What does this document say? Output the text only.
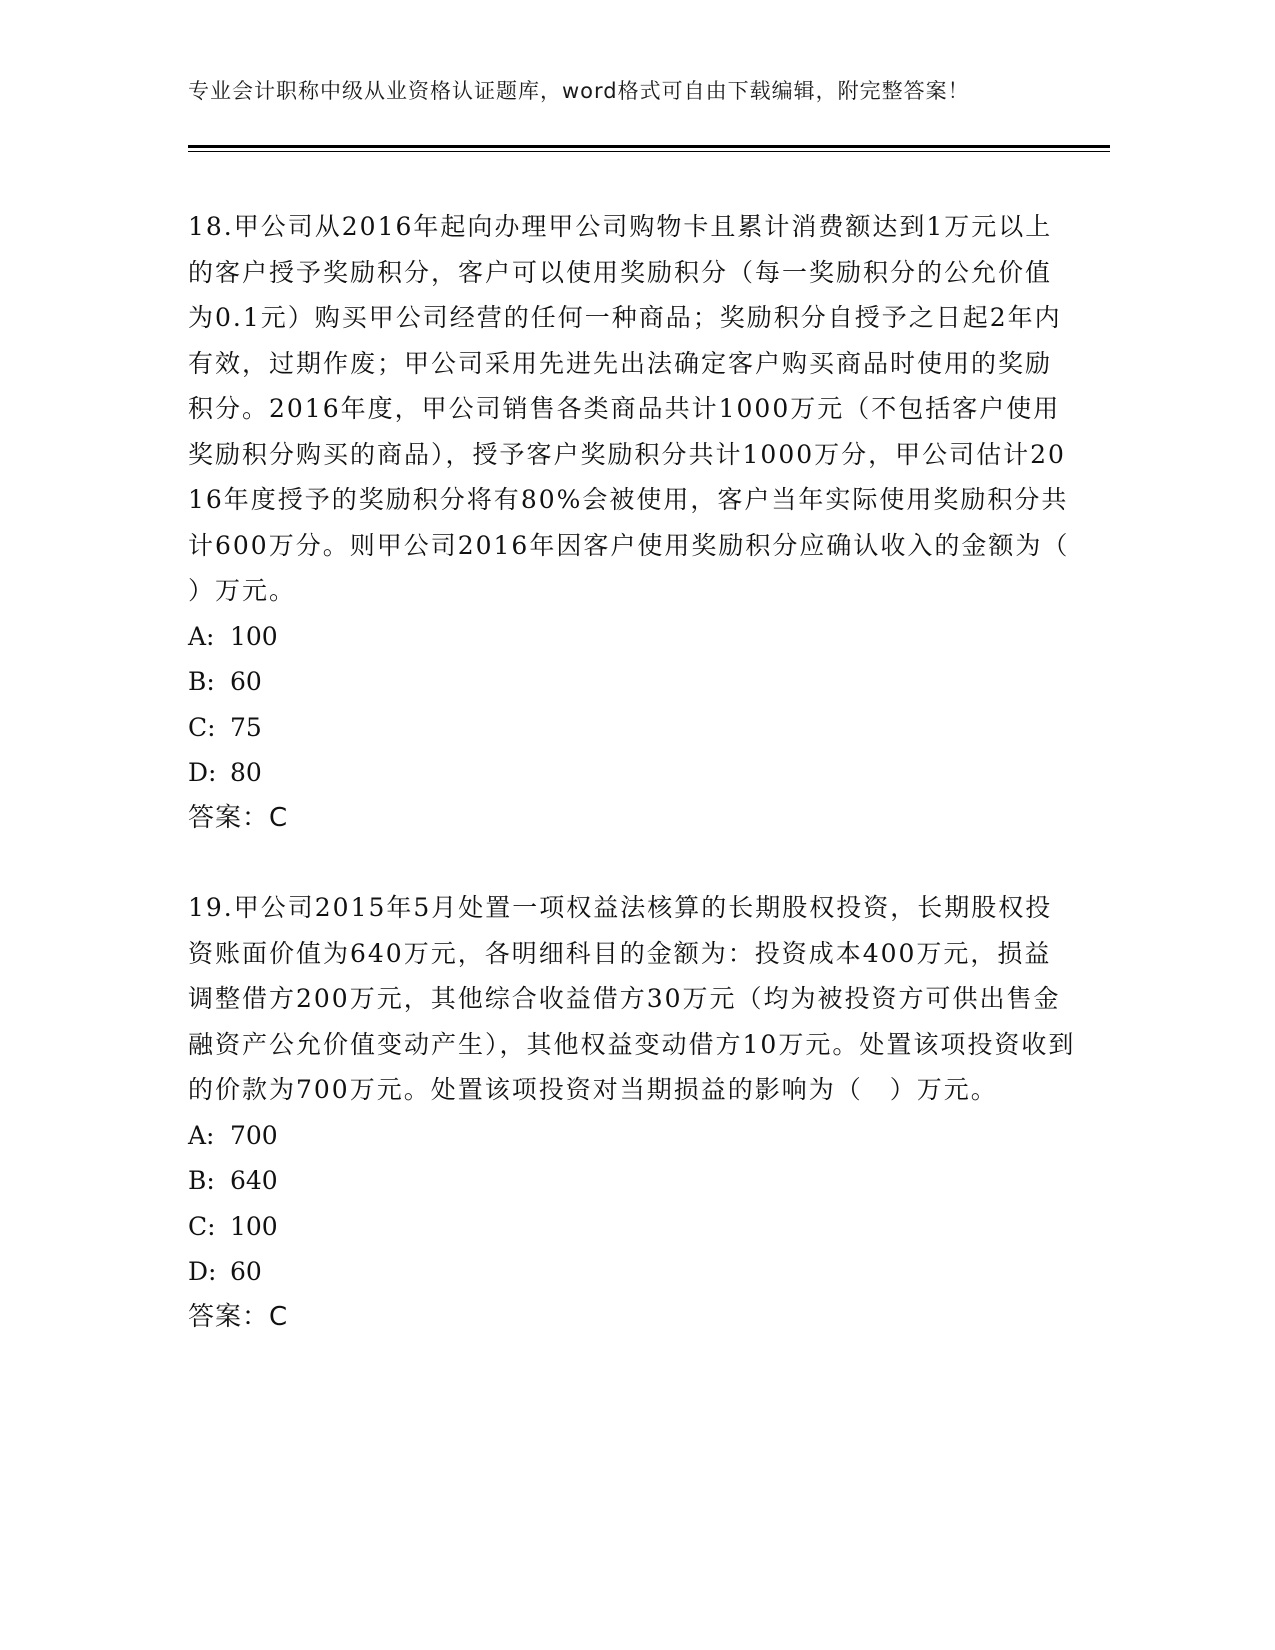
专业会计职称中级从业资格认证题库，word格式可自由下载编辑，附完整答案！

18.甲公司从2016年起向办理甲公司购物卡且累计消费额达到1万元以上的客户授予奖励积分，客户可以使用奖励积分（每一奖励积分的公允价值为0.1元）购买甲公司经营的任何一种商品；奖励积分自授予之日起2年内有效，过期作废；甲公司采用先进先出法确定客户购买商品时使用的奖励积分。2016年度，甲公司销售各类商品共计1000万元（不包括客户使用奖励积分购买的商品），授予客户奖励积分共计1000万分，甲公司估计2016年度授予的奖励积分将有80%会被使用，客户当年实际使用奖励积分共计600万分。则甲公司2016年因客户使用奖励积分应确认收入的金额为（　　）万元。

A: 100

B: 60

C: 75

D: 80

答案：C

19.甲公司2015年5月处置一项权益法核算的长期股权投资，长期股权投资账面价值为640万元，各明细科目的金额为：投资成本400万元，损益调整借方200万元，其他综合收益借方30万元（均为被投资方可供出售金融资产公允价值变动产生），其他权益变动借方10万元。处置该项投资收到的价款为700万元。处置该项投资对当期损益的影响为（　）万元。

A: 700

B: 640

C: 100

D: 60

答案：C
